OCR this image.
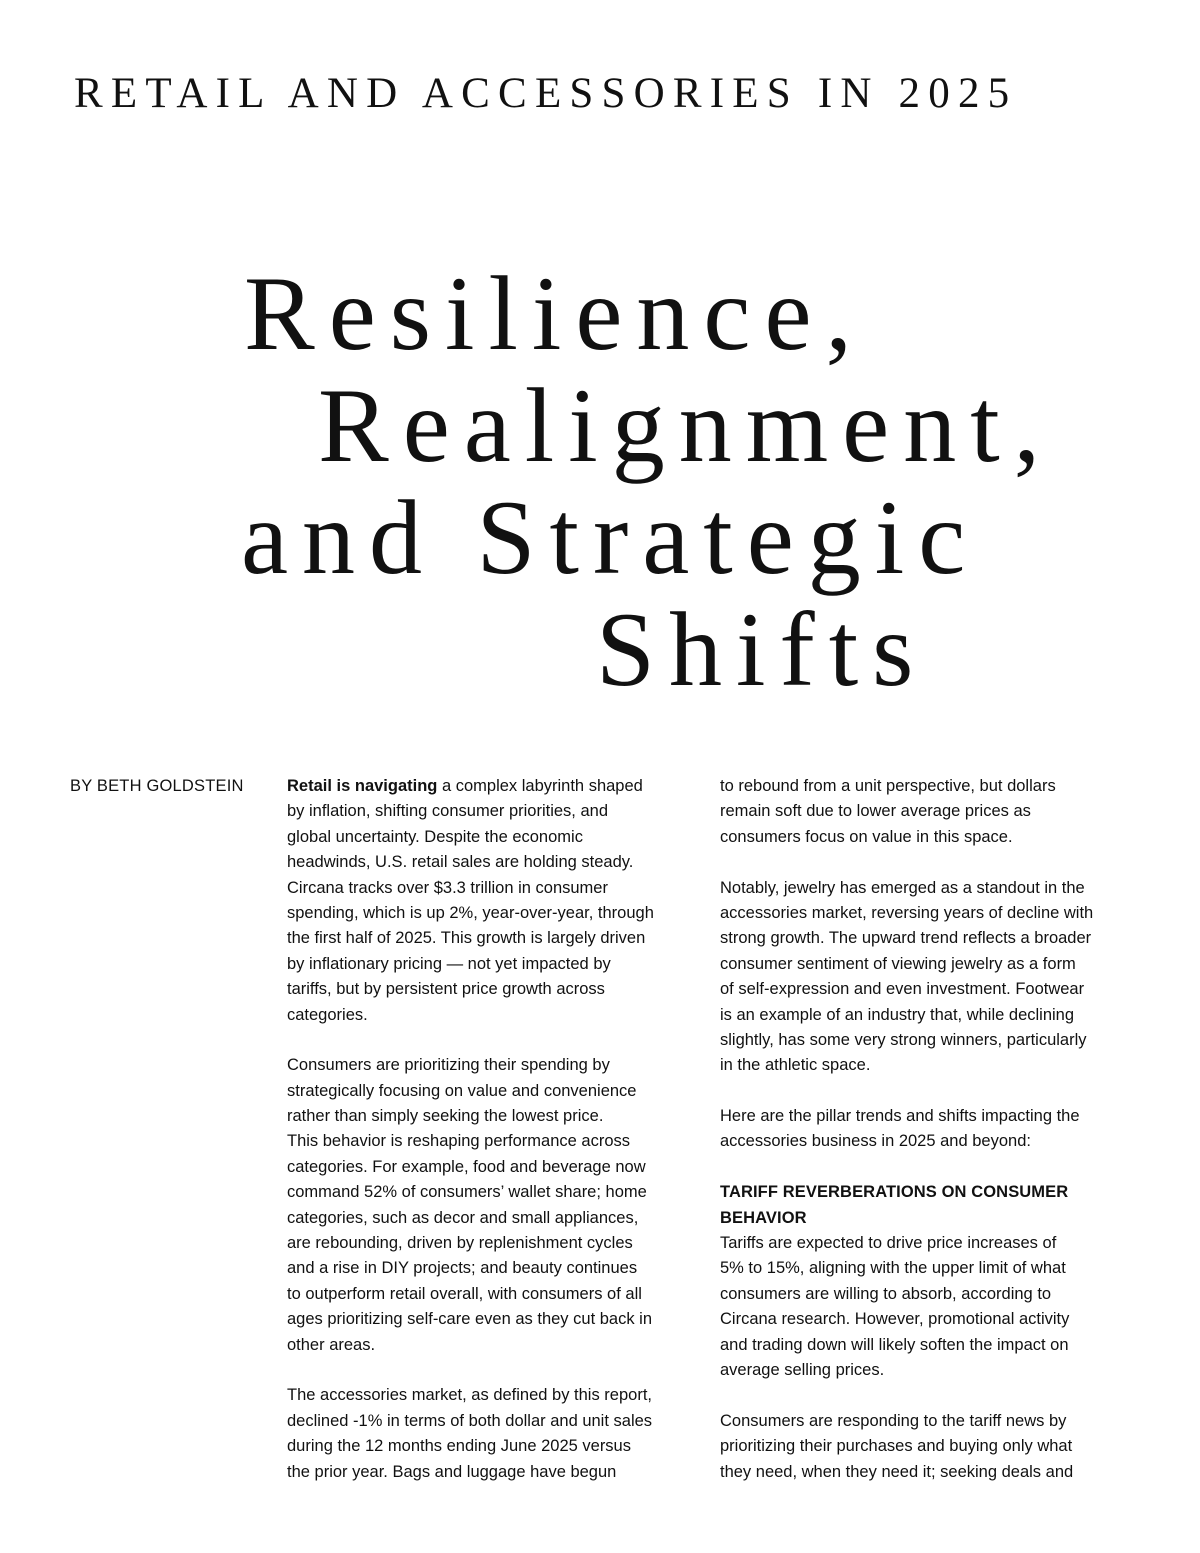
RETAIL AND ACCESSORIES IN 2025
Resilience,
Realignment,
and Strategic
Shifts
BY BETH GOLDSTEIN	Retail is navigating a complex labyrinth shaped
by inflation, shifting consumer priorities, and
global uncertainty. Despite the economic
headwinds, U.S. retail sales are holding steady.
Circana tracks over $3.3 trillion in consumer
spending, which is up 2%, year-over-year, through
the first half of 2025. This growth is largely driven
by inflationary pricing — not yet impacted by
tariffs, but by persistent price growth across
categories.
Consumers are prioritizing their spending by
strategically focusing on value and convenience
rather than simply seeking the lowest price.
This behavior is reshaping performance across
categories. For example, food and beverage now
command 52% of consumers’ wallet share; home
categories, such as decor and small appliances,
are rebounding, driven by replenishment cycles
and a rise in DIY projects; and beauty continues
to outperform retail overall, with consumers of all
ages prioritizing self-care even as they cut back in
other areas.
The accessories market, as defined by this report,
declined -1% in terms of both dollar and unit sales
during the 12 months ending June 2025 versus
the prior year. Bags and luggage have begun
to rebound from a unit perspective, but dollars
remain soft due to lower average prices as
consumers focus on value in this space.
Notably, jewelry has emerged as a standout in the
accessories market, reversing years of decline with
strong growth. The upward trend reflects a broader
consumer sentiment of viewing jewelry as a form
of self-expression and even investment. Footwear
is an example of an industry that, while declining
slightly, has some very strong winners, particularly
in the athletic space.
Here are the pillar trends and shifts impacting the
accessories business in 2025 and beyond:
TARIFF REVERBERATIONS ON CONSUMER
BEHAVIOR
Tariffs are expected to drive price increases of
5% to 15%, aligning with the upper limit of what
consumers are willing to absorb, according to
Circana research. However, promotional activity
and trading down will likely soften the impact on
average selling prices.
Consumers are responding to the tariff news by
prioritizing their purchases and buying only what
they need, when they need it; seeking deals and
